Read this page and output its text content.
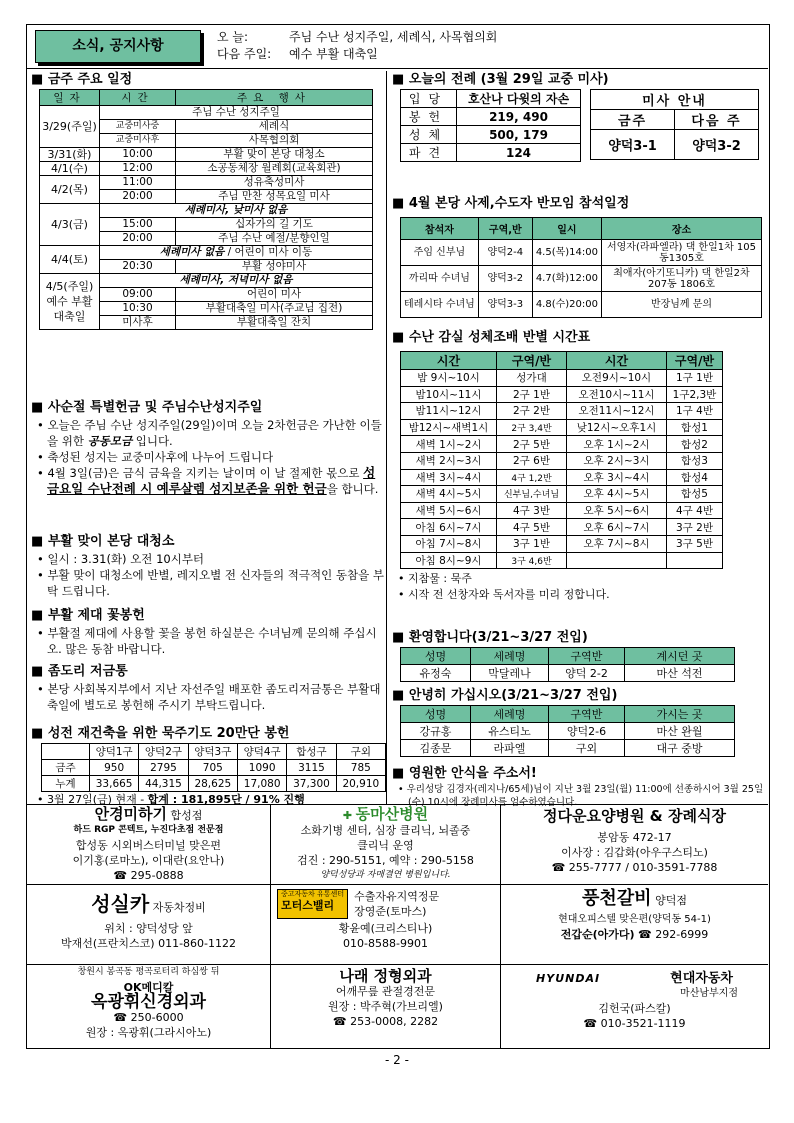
소식, 공지사항
오 늘:	주님 수난 성지주일, 세례식, 사목협의회
다음 주일:	예수 부활 대축일
■ 금주 주요 일정
일자	시간	주요 행사
3/29(주일)	주님 수난 성지주일	
	교중미사중	세례식
	교중미사후	사목협의회
3/31(화)	10:00	부활 맞이 본당 대청소
4/1(수)	12:00	소공동체장 월례회(교육회관)
4/2(목)	11:00	성유축성미사
	20:00	주님 만찬 성목요일 미사
4/3(금)	세례미사, 낮미사 없음	
	15:00	십자가의 길 기도
	20:00	주님 수난 예절/분향인일
4/4(토)	세례미사 없음 / 어린이 미사 이동	
	20:30	부활 성야미사
4/5(주일) 예수 부활대축일	세례미사, 저녁미사 없음	
	09:00	어린이 미사
	10:30	부활대축일 미사(주교님 집전)
	미사후	부활대축일 잔치
■ 사순절 특별헌금 및 주님수난성지주일
• 오늘은 주님 수난 성지주일(29일)이며 오늘 2차헌금은 가난한 이들을 위한 공동모금 입니다.
• 축성된 성지는 교중미사후에 나누어 드립니다
• 4월 3일(금)은 금식 금육을 지키는 날이며 이 날 절제한 몫으로 성금요일 수난전례 시 예루살렘 성지보존을 위한 헌금을 합니다.
■ 부활 맞이 본당 대청소
• 일시 : 3.31(화) 오전 10시부터
• 부활 맞이 대청소에 반별, 레지오별 전 신자들의 적극적인 동참을 부탁 드립니다.
■ 부활 제대 꽃봉헌
• 부활절 제대에 사용할 꽃을 봉헌 하실분은 수녀님께 문의해 주십시오. 많은 동참 바랍니다.
■ 좀도리 저금통
• 본당 사회복지부에서 지난 자선주일 배포한 좀도리저금통은 부활대축일에 별도로 봉헌해 주시기 부탁드립니다.
■ 성전 재건축을 위한 묵주기도 20만단 봉헌
	양덕1구	양덕2구	양덕3구	양덕4구	합성구	구외
금주	950	2795	705	1090	3115	785
누계	33,665	44,315	28,625	17,080	37,300	20,910
• 3월 27일(금) 현재 - 합계 : 181,895단 / 91% 진행
■ 오늘의 전례 (3월 29일 교중 미사)
입당	호산나 다윗의 자손
봉헌	219, 490
성체	500, 179
파견	124
미사 안내	
금주	다음 주
양덕3-1	양덕3-2
■ 4월 본당 사제,수도자 반모임 참석일정
참석자	구역,반	일시	장소
주임 신부님	양덕2-4	4.5(목)14:00	서영자(라파엘라) 댁 한일1차 105동1305호
까리따 수녀님	양덕3-2	4.7(화)12:00	최애자(아기또니카) 댁 한일2차 207동 1806호
테레시타 수녀님	양덕3-3	4.8(수)20:00	반장님께 문의
■ 수난 감실 성체조배 반별 시간표
시간	구역/반	시간	구역/반
밤 9시~10시	성가대	오전9시~10시	1구 1반
밤10시~11시	2구 1반	오전10시~11시	1구2,3반
밤11시~12시	2구 2반	오전11시~12시	1구 4반
밤12시~새벽1시	2구 3,4반	낮12시~오후1시	합성1
새벽 1시~2시	2구 5반	오후 1시~2시	합성2
새벽 2시~3시	2구 6반	오후 2시~3시	합성3
새벽 3시~4시	4구 1,2반	오후 3시~4시	합성4
새벽 4시~5시	신부님,수녀님	오후 4시~5시	합성5
새벽 5시~6시	4구 3반	오후 5시~6시	4구 4반
아침 6시~7시	4구 5반	오후 6시~7시	3구 2반
아침 7시~8시	3구 1반	오후 7시~8시	3구 5반
아침 8시~9시	3구 4,6반		
• 지참물 : 묵주
• 시작 전 선창자와 독서자를 미리 정합니다.
■ 환영합니다(3/21~3/27 전입)
성명	세례명	구역반	계시던 곳
유정숙	막달레나	양덕 2-2	마산 석전
■ 안녕히 가십시오(3/21~3/27 전입)
성명	세례명	구역반	가시는 곳
강규홍	유스티노	양덕2-6	마산 완월
김종문	라파엘	구외	대구 중방
■ 영원한 안식을 주소서!
• 우리성당 김경자(레지나/65세)님이 지난 3월 23일(월) 11:00에 선종하시어 3월 25일(수) 10시에 장례미사를 엄수하였습니다.
안경미하기 합성점
하드 RGP 콘텍트, 누진다초점 전문점
합성동 시외버스터미널 맞은편
이기홍(로마노), 이대란(요안나)
☎ 295-0888
✚ 동마산병원
소화기병 센터, 심장 클리닉, 뇌졸중
클리닉 운영
검진 : 290-5151, 예약 : 290-5158
양덕성당과 자매결연 병원입니다.
정다운요양병원 & 장례식장
봉암동 472-17
이사장 : 김갑화(아우구스티노)
☎ 255-7777 / 010-3591-7788
성실카 자동차정비
위치 : 양덕성당 앞
박재선(프란치스코) 011-860-1122
중고자동차 유통센터
모터스밸리
수출자유지역정문
장영준(토마스)
황윤예(크리스티나)
010-8588-9901
풍천갈비 양덕점
현대오피스텔 맞은편(양덕동 54-1)
전갑순(아가다) ☎ 292-6999
창원시 봉곡동 평곡로터리 하심쌍 뒤
OK메디칼
옥광휘신경외과
☎ 250-6000
원장 : 옥광휘(그라시아노)
나래 정형외과
어깨무릎 관절경전문
원장 : 박주혁(가브리엘)
☎ 253-0008, 2282
HYUNDAI	현대자동차
마산남부지점
김헌국(파스칼)
☎ 010-3521-1119
- 2 -
